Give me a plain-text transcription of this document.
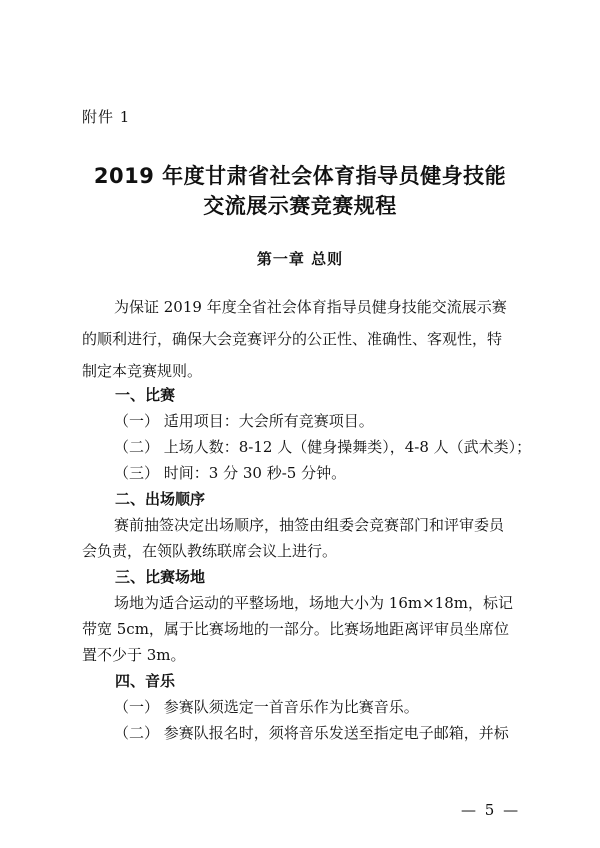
附件 1
2019 年度甘肃省社会体育指导员健身技能
交流展示赛竞赛规程
第一章 总则
为保证 2019 年度全省社会体育指导员健身技能交流展示赛
的顺利进行，确保大会竞赛评分的公正性、准确性、客观性，特
制定本竞赛规则。
一、比赛
（一） 适用项目：大会所有竞赛项目。
（二） 上场人数：8-12 人（健身操舞类），4-8 人（武术类）；
（三） 时间：3 分 30 秒-5 分钟。
二、出场顺序
赛前抽签决定出场顺序，抽签由组委会竞赛部门和评审委员
会负责，在领队教练联席会议上进行。
三、比赛场地
场地为适合运动的平整场地，场地大小为 16m×18m，标记
带宽 5cm，属于比赛场地的一部分。比赛场地距离评审员坐席位
置不少于 3m。
四、音乐
（一） 参赛队须选定一首音乐作为比赛音乐。
（二） 参赛队报名时，须将音乐发送至指定电子邮箱，并标
— 5 —
